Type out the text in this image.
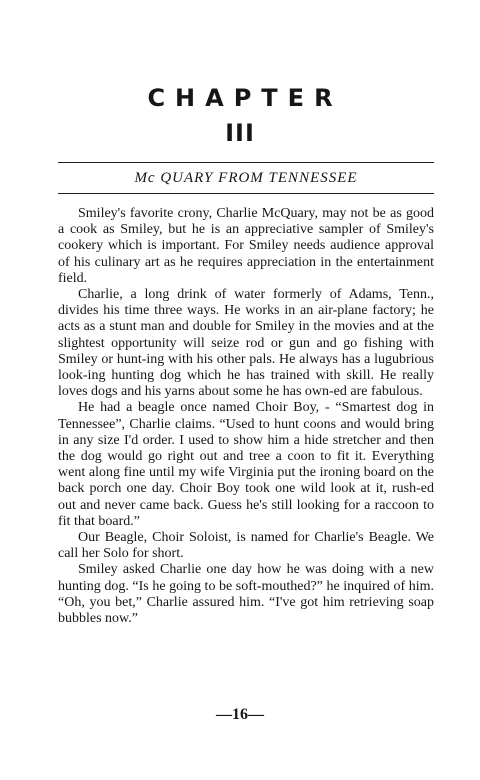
CHAPTER
III
Mc QUARY FROM TENNESSEE

Smiley's favorite crony, Charlie McQuary, may not be as good a cook as Smiley, but he is an appreciative sampler of Smiley's cookery which is important. For Smiley needs audience approval of his culinary art as he requires appreciation in the entertainment field.

Charlie, a long drink of water formerly of Adams, Tenn., divides his time three ways. He works in an air-plane factory; he acts as a stunt man and double for Smiley in the movies and at the slightest opportunity will seize rod or gun and go fishing with Smiley or hunt-ing with his other pals. He always has a lugubrious look-ing hunting dog which he has trained with skill. He really loves dogs and his yarns about some he has own-ed are fabulous.

He had a beagle once named Choir Boy, - “Smartest dog in Tennessee”, Charlie claims. “Used to hunt coons and would bring in any size I'd order. I used to show him a hide stretcher and then the dog would go right out and tree a coon to fit it. Everything went along fine until my wife Virginia put the ironing board on the back porch one day. Choir Boy took one wild look at it, rush-ed out and never came back. Guess he's still looking for a raccoon to fit that board.”

Our Beagle, Choir Soloist, is named for Charlie's Beagle. We call her Solo for short.

Smiley asked Charlie one day how he was doing with a new hunting dog. “Is he going to be soft-mouthed?” he inquired of him. “Oh, you bet,” Charlie assured him. “I've got him retrieving soap bubbles now.”

—16—
